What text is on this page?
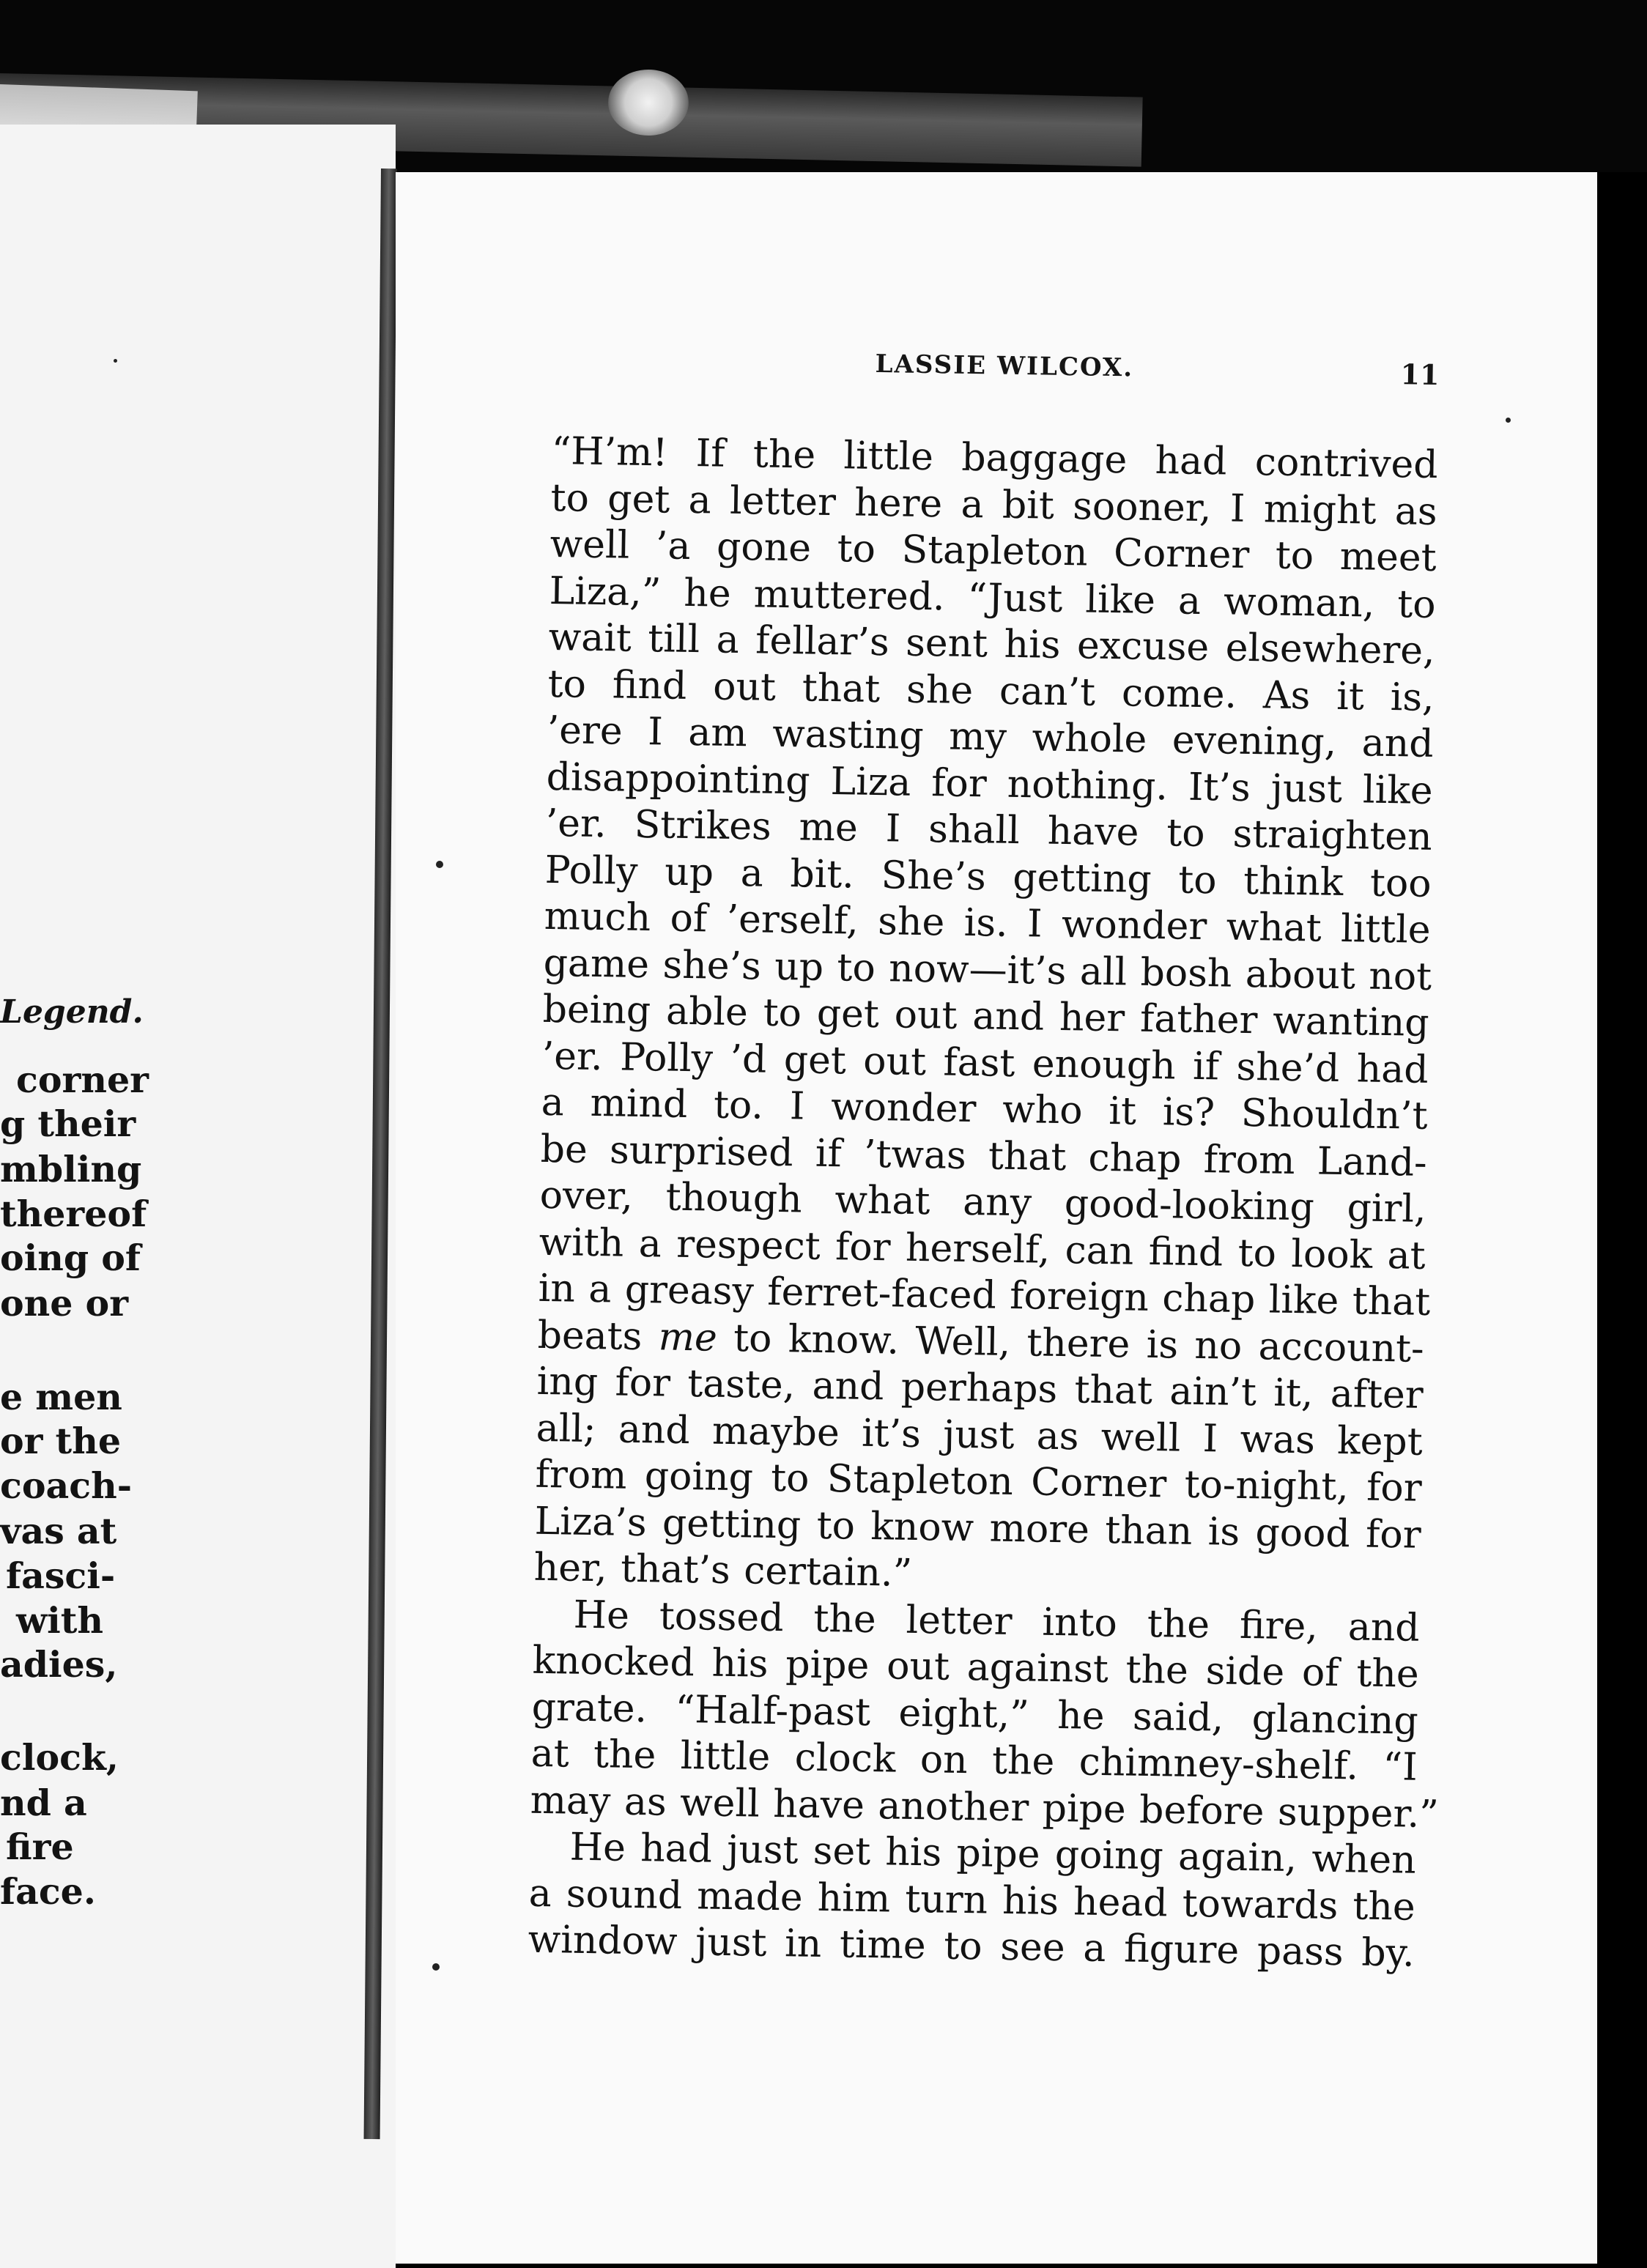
Legend.
corner
g their
mbling
thereof
oing of
one or
e men
or the
coach-
vas at
fasci-
with
adies,
clock,
nd a
fire
face.
LASSIE WILCOX.	11
“H’m! If the little baggage had contrived
to get a letter here a bit sooner, I might as
well ’a gone to Stapleton Corner to meet
Liza,” he muttered. “Just like a woman, to
wait till a fellar’s sent his excuse elsewhere,
to find out that she can’t come. As it is,
’ere I am wasting my whole evening, and
disappointing Liza for nothing. It’s just like
’er. Strikes me I shall have to straighten
Polly up a bit. She’s getting to think too
much of ’erself, she is. I wonder what little
game she’s up to now—it’s all bosh about not
being able to get out and her father wanting
’er. Polly ’d get out fast enough if she’d had
a mind to. I wonder who it is? Shouldn’t
be surprised if ’twas that chap from Land-
over, though what any good-looking girl,
with a respect for herself, can find to look at
in a greasy ferret-faced foreign chap like that
beats me to know. Well, there is no account-
ing for taste, and perhaps that ain’t it, after
all; and maybe it’s just as well I was kept
from going to Stapleton Corner to-night, for
Liza’s getting to know more than is good for
her, that’s certain.”
He tossed the letter into the fire, and
knocked his pipe out against the side of the
grate. “Half-past eight,” he said, glancing
at the little clock on the chimney-shelf. “I
may as well have another pipe before supper.”
He had just set his pipe going again, when
a sound made him turn his head towards the
window just in time to see a figure pass by.
